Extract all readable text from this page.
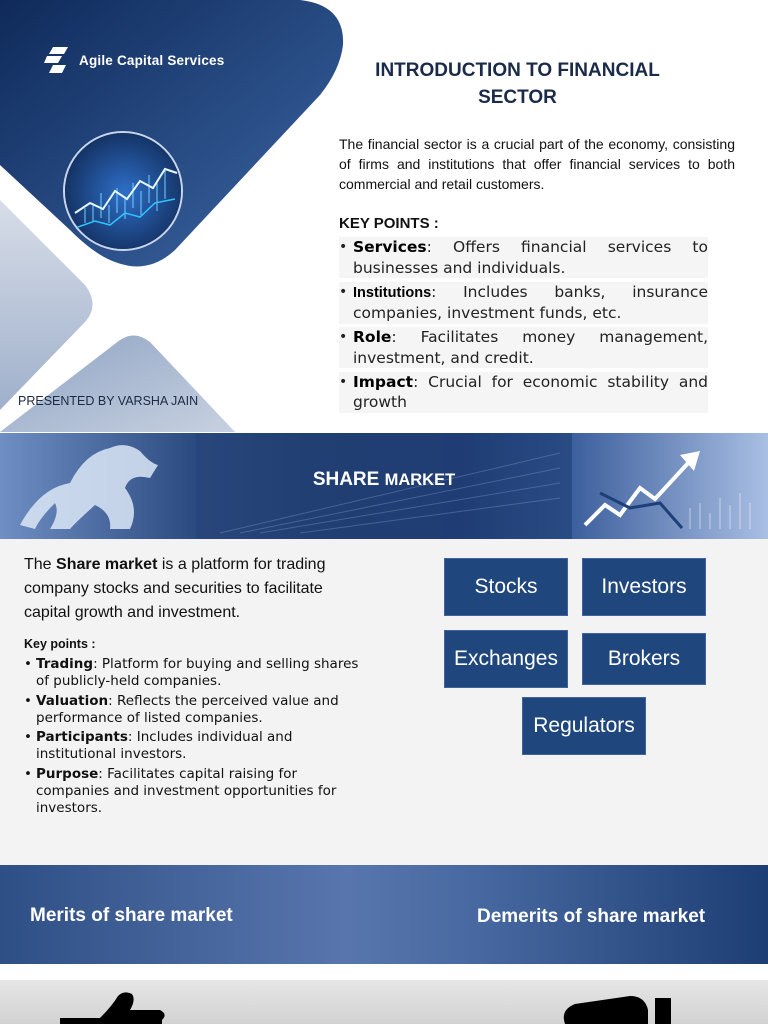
Agile Capital Services
PRESENTED BY VARSHA JAIN
INTRODUCTION TO FINANCIAL
SECTOR

The financial sector is a crucial part of the economy, consisting of firms and institutions that offer financial services to both commercial and retail customers.

KEY POINTS :
• Services: Offers financial services to businesses and individuals.
• Institutions: Includes banks, insurance companies, investment funds, etc.
• Role: Facilitates money management, investment, and credit.
• Impact: Crucial for economic stability and growth
SHARE MARKET

The Share market is a platform for trading company stocks and securities to facilitate capital growth and investment.

Key points :
• Trading: Platform for buying and selling shares of publicly-held companies.
• Valuation: Reflects the perceived value and performance of listed companies.
• Participants: Includes individual and institutional investors.
• Purpose: Facilitates capital raising for companies and investment opportunities for investors.
Stocks	Investors
Exchanges	Brokers
Regulators
Merits of share market	Demerits of share market
